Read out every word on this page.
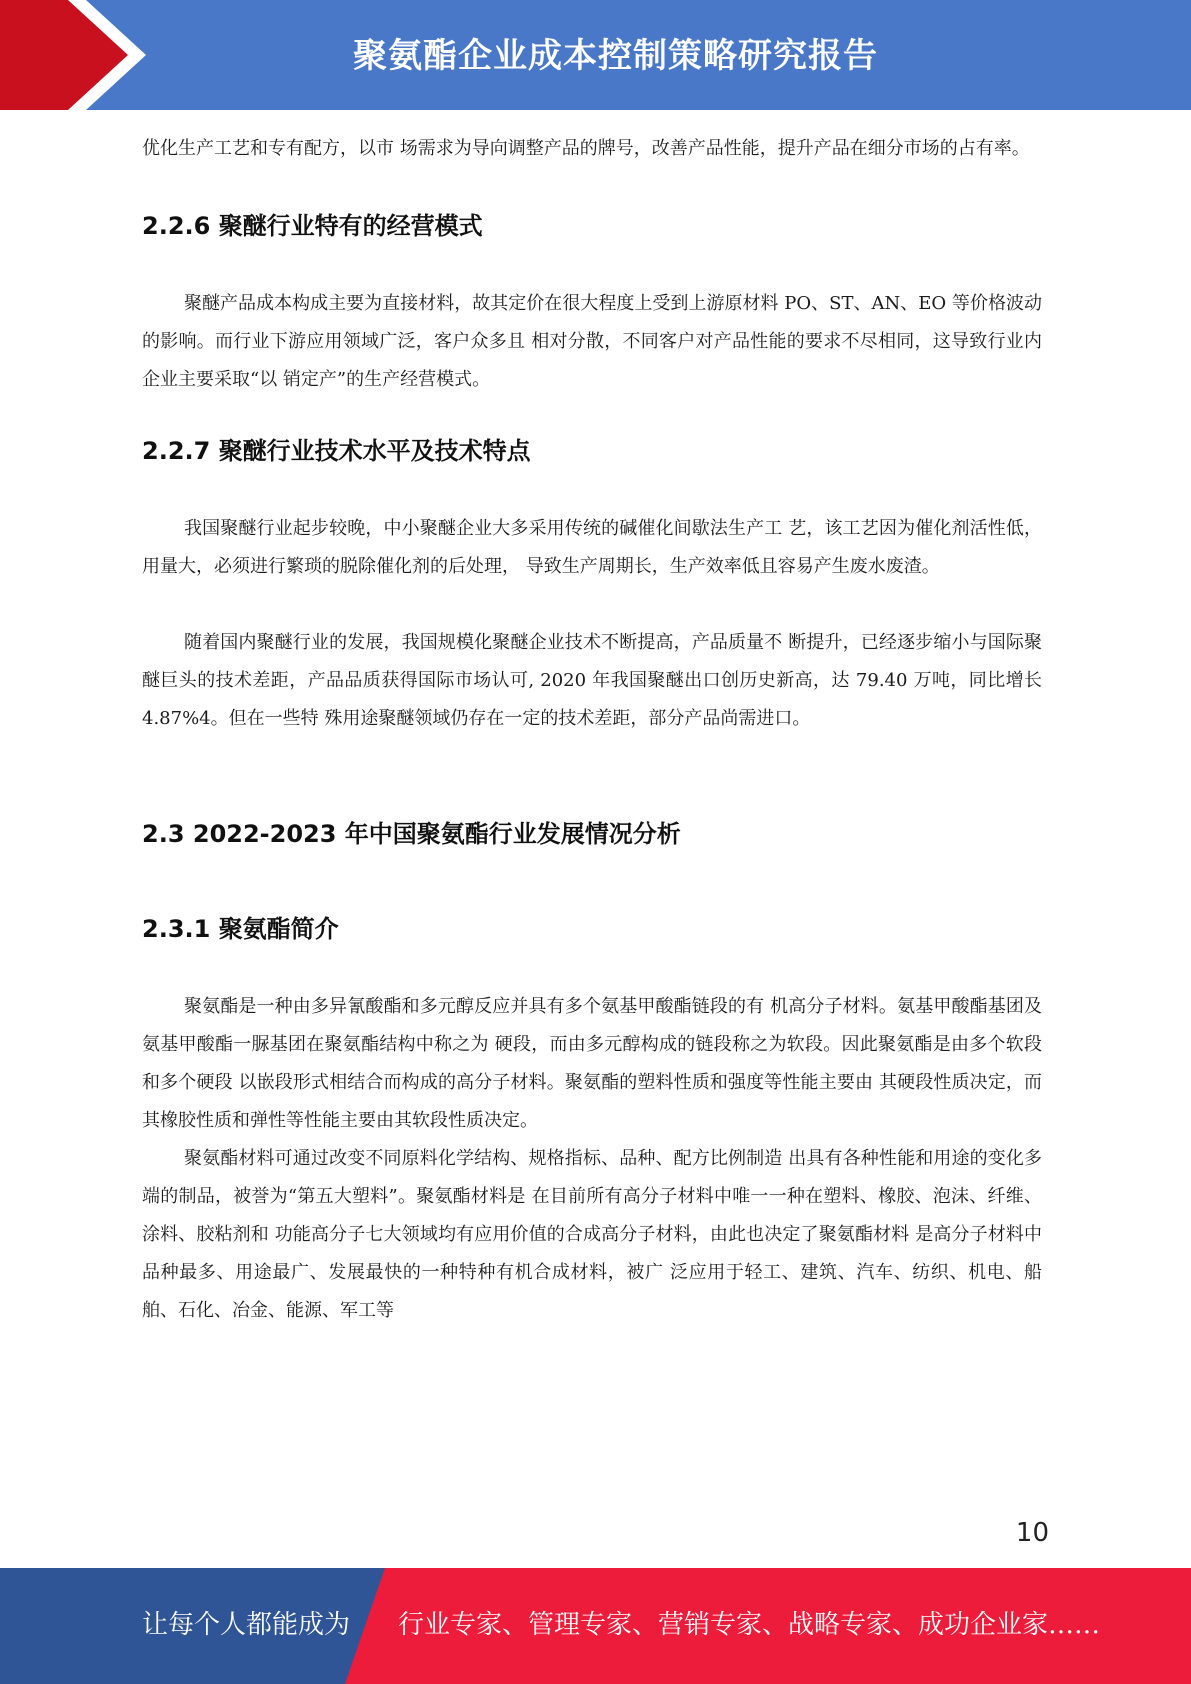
聚氨酯企业成本控制策略研究报告

优化生产工艺和专有配方，以市 场需求为导向调整产品的牌号，改善产品性能，提升产品在细分市场的占有率。

2.2.6 聚醚行业特有的经营模式

聚醚产品成本构成主要为直接材料，故其定价在很大程度上受到上游原材料 PO、ST、AN、EO 等价格波动的影响。而行业下游应用领域广泛，客户众多且 相对分散，不同客户对产品性能的要求不尽相同，这导致行业内企业主要采取“以 销定产”的生产经营模式。

2.2.7 聚醚行业技术水平及技术特点

我国聚醚行业起步较晚，中小聚醚企业大多采用传统的碱催化间歇法生产工 艺，该工艺因为催化剂活性低，用量大，必须进行繁琐的脱除催化剂的后处理， 导致生产周期长，生产效率低且容易产生废水废渣。

随着国内聚醚行业的发展，我国规模化聚醚企业技术不断提高，产品质量不 断提升，已经逐步缩小与国际聚醚巨头的技术差距，产品品质获得国际市场认可, 2020 年我国聚醚出口创历史新高，达 79.40 万吨，同比增长 4.87%4。但在一些特 殊用途聚醚领域仍存在一定的技术差距，部分产品尚需进口。

2.3 2022-2023 年中国聚氨酯行业发展情况分析
2.3.1 聚氨酯简介

聚氨酯是一种由多异氰酸酯和多元醇反应并具有多个氨基甲酸酯链段的有 机高分子材料。氨基甲酸酯基团及氨基甲酸酯一脲基团在聚氨酯结构中称之为 硬段，而由多元醇构成的链段称之为软段。因此聚氨酯是由多个软段和多个硬段 以嵌段形式相结合而构成的高分子材料。聚氨酯的塑料性质和强度等性能主要由 其硬段性质决定，而其橡胶性质和弹性等性能主要由其软段性质决定。

聚氨酯材料可通过改变不同原料化学结构、规格指标、品种、配方比例制造 出具有各种性能和用途的变化多端的制品，被誉为“第五大塑料”。聚氨酯材料是 在目前所有高分子材料中唯一一种在塑料、橡胶、泡沫、纤维、涂料、胶粘剂和 功能高分子七大领域均有应用价值的合成高分子材料，由此也决定了聚氨酯材料 是高分子材料中品种最多、用途最广、发展最快的一种特种有机合成材料，被广 泛应用于轻工、建筑、汽车、纺织、机电、船舶、石化、冶金、能源、军工等

10
让每个人都能成为 行业专家、管理专家、营销专家、战略专家、成功企业家……
